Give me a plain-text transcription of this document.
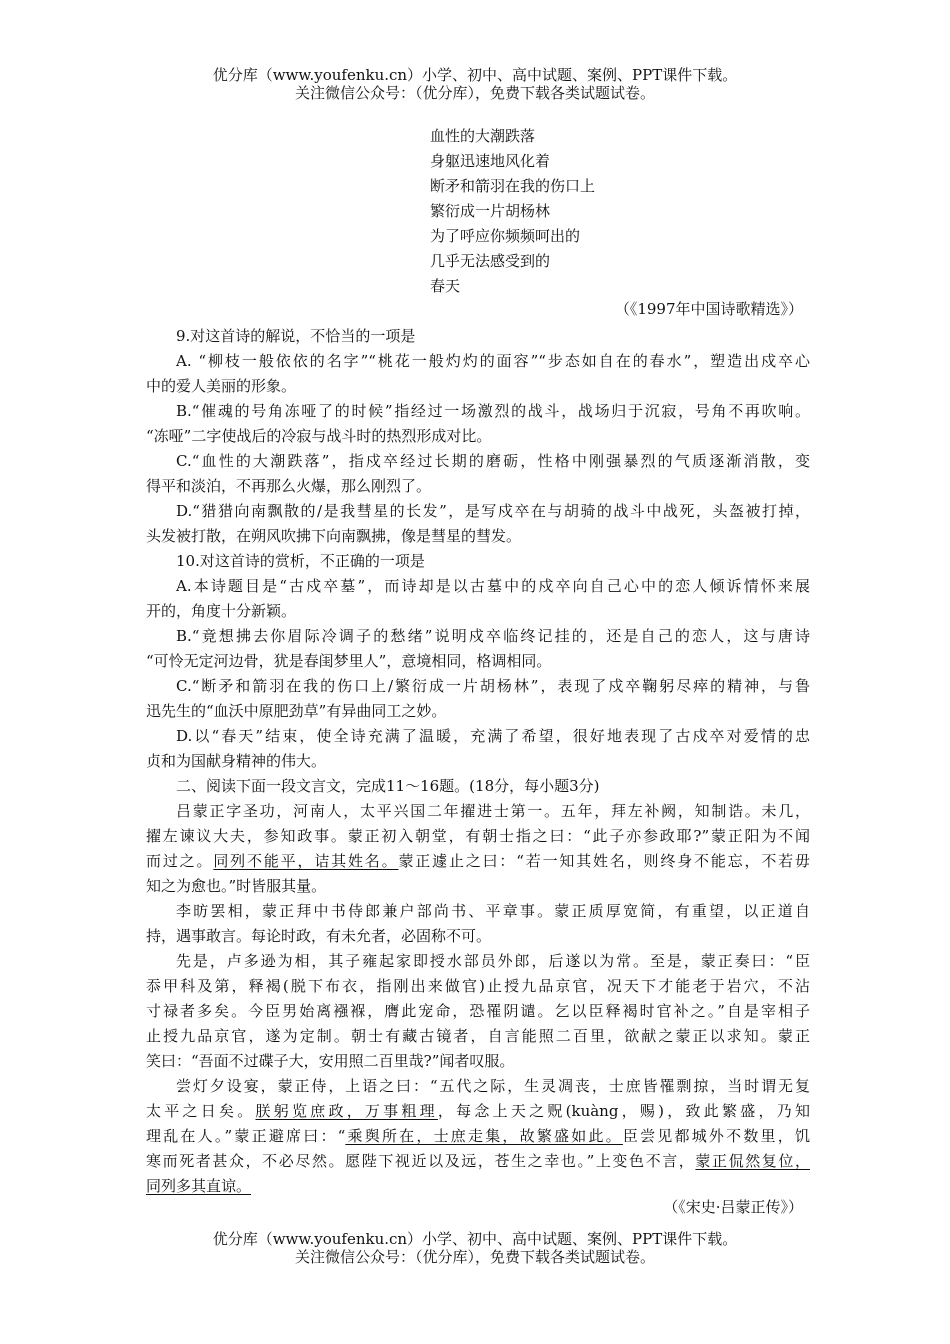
优分库（www.youfenku.cn）小学、初中、高中试题、案例、PPT课件下载。
关注微信公众号：（优分库），免费下载各类试题试卷。
血性的大潮跌落
身躯迅速地风化着
断矛和箭羽在我的伤口上
繁衍成一片胡杨林
为了呼应你频频呵出的
几乎无法感受到的
春天
（《1997年中国诗歌精选》）
9.对这首诗的解说，不恰当的一项是
A. “柳枝一般依依的名字”“桃花一般灼灼的面容”“步态如自在的春水”，塑造出戍卒心
中的爱人美丽的形象。
B.“催魂的号角冻哑了的时候”指经过一场激烈的战斗，战场归于沉寂，号角不再吹响。
“冻哑”二字使战后的冷寂与战斗时的热烈形成对比。
C.“血性的大潮跌落”，指戍卒经过长期的磨砺，性格中刚强暴烈的气质逐渐消散，变
得平和淡泊，不再那么火爆，那么刚烈了。
D.“猎猎向南飘散的/是我彗星的长发”，是写戍卒在与胡骑的战斗中战死，头盔被打掉，
头发被打散，在朔风吹拂下向南飘拂，像是彗星的彗发。
10.对这首诗的赏析，不正确的一项是
A.本诗题目是“古戍卒墓”，而诗却是以古墓中的戍卒向自己心中的恋人倾诉情怀来展
开的，角度十分新颖。
B.“竟想拂去你眉际冷调子的愁绪”说明戍卒临终记挂的，还是自己的恋人，这与唐诗
“可怜无定河边骨，犹是春闺梦里人”，意境相同，格调相同。
C.“断矛和箭羽在我的伤口上/繁衍成一片胡杨林”，表现了戍卒鞠躬尽瘁的精神，与鲁
迅先生的“血沃中原肥劲草”有异曲同工之妙。
D.以“春天”结束，使全诗充满了温暖，充满了希望，很好地表现了古戍卒对爱情的忠
贞和为国献身精神的伟大。
二、阅读下面一段文言文，完成11～16题。(18分，每小题3分)
吕蒙正字圣功，河南人，太平兴国二年擢进士第一。五年，拜左补阙，知制诰。未几，
擢左谏议大夫，参知政事。蒙正初入朝堂，有朝士指之曰：“此子亦参政耶?”蒙正阳为不闻
而过之。同列不能平，诘其姓名。蒙正遽止之曰：“若一知其姓名，则终身不能忘，不若毋
知之为愈也。”时皆服其量。
李昉罢相，蒙正拜中书侍郎兼户部尚书、平章事。蒙正质厚宽简，有重望，以正道自
持，遇事敢言。每论时政，有未允者，必固称不可。
先是，卢多逊为相，其子雍起家即授水部员外郎，后遂以为常。至是，蒙正奏曰：“臣
忝甲科及第，释褐(脱下布衣，指刚出来做官)止授九品京官，况天下才能老于岩穴，不沾
寸禄者多矣。今臣男始离襁褓，膺此宠命，恐罹阴谴。乞以臣释褐时官补之。”自是宰相子
止授九品京官，遂为定制。朝士有藏古镜者，自言能照二百里，欲献之蒙正以求知。蒙正
笑曰：“吾面不过碟子大，安用照二百里哉?”闻者叹服。
尝灯夕设宴，蒙正侍，上语之曰：“五代之际，生灵凋丧，士庶皆罹剽掠，当时谓无复
太平之日矣。朕躬览庶政，万事粗理，每念上天之贶(kuàng，赐)，致此繁盛，乃知
理乱在人。”蒙正避席曰：“乘舆所在，士庶走集，故繁盛如此。臣尝见都城外不数里，饥
寒而死者甚众，不必尽然。愿陛下视近以及远，苍生之幸也。”上变色不言，蒙正侃然复位，
同列多其直谅。
（《宋史·吕蒙正传》）
优分库（www.youfenku.cn）小学、初中、高中试题、案例、PPT课件下载。
关注微信公众号：（优分库），免费下载各类试题试卷。
